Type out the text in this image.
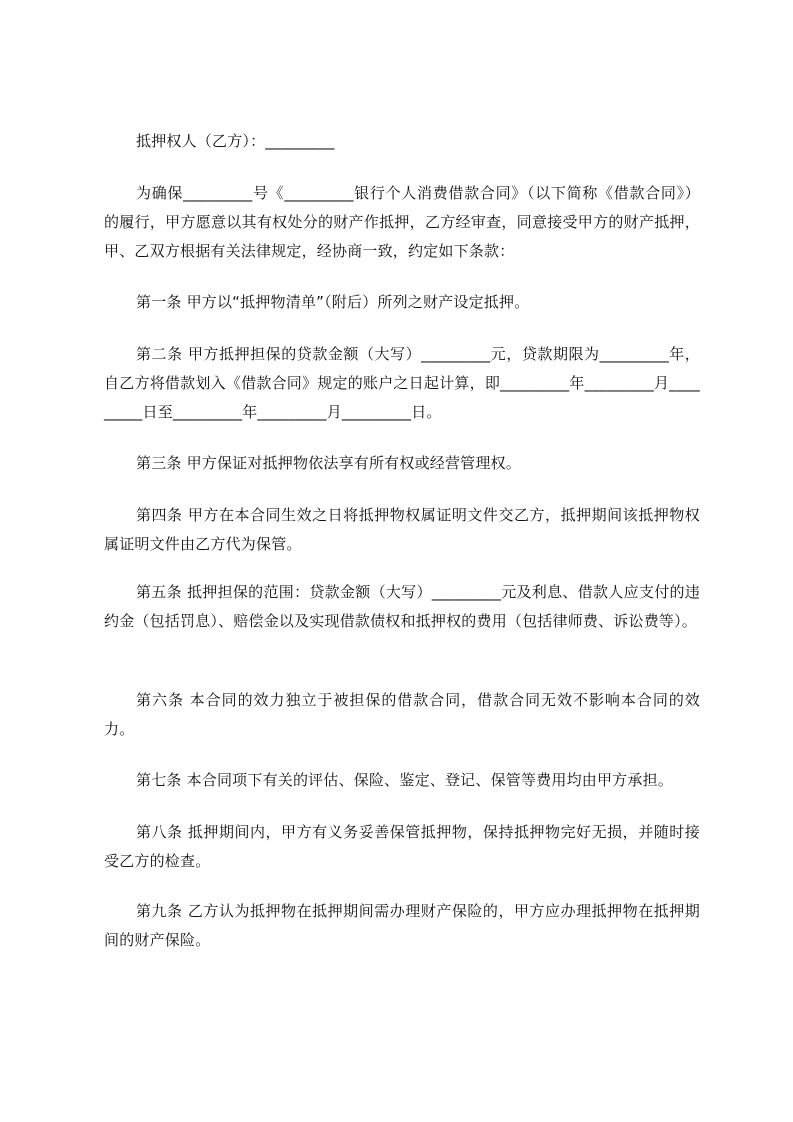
抵押权人（乙方）：_________

为确保_________号《_________银行个人消费借款合同》（以下简称《借款合同》）的履行，甲方愿意以其有权处分的财产作抵押，乙方经审查，同意接受甲方的财产抵押，甲、乙双方根据有关法律规定，经协商一致，约定如下条款：

第一条 甲方以“抵押物清单”（附后）所列之财产设定抵押。

第二条 甲方抵押担保的贷款金额（大写）_________元，贷款期限为_________年，自乙方将借款划入《借款合同》规定的账户之日起计算，即_________年_________月_________日至_________年_________月_________日。

第三条 甲方保证对抵押物依法享有所有权或经营管理权。

第四条 甲方在本合同生效之日将抵押物权属证明文件交乙方，抵押期间该抵押物权属证明文件由乙方代为保管。

第五条 抵押担保的范围：贷款金额（大写）_________元及利息、借款人应支付的违约金（包括罚息）、赔偿金以及实现借款债权和抵押权的费用（包括律师费、诉讼费等）。

第六条 本合同的效力独立于被担保的借款合同，借款合同无效不影响本合同的效力。

第七条 本合同项下有关的评估、保险、鉴定、登记、保管等费用均由甲方承担。

第八条 抵押期间内，甲方有义务妥善保管抵押物，保持抵押物完好无损，并随时接受乙方的检查。

第九条 乙方认为抵押物在抵押期间需办理财产保险的，甲方应办理抵押物在抵押期间的财产保险。
